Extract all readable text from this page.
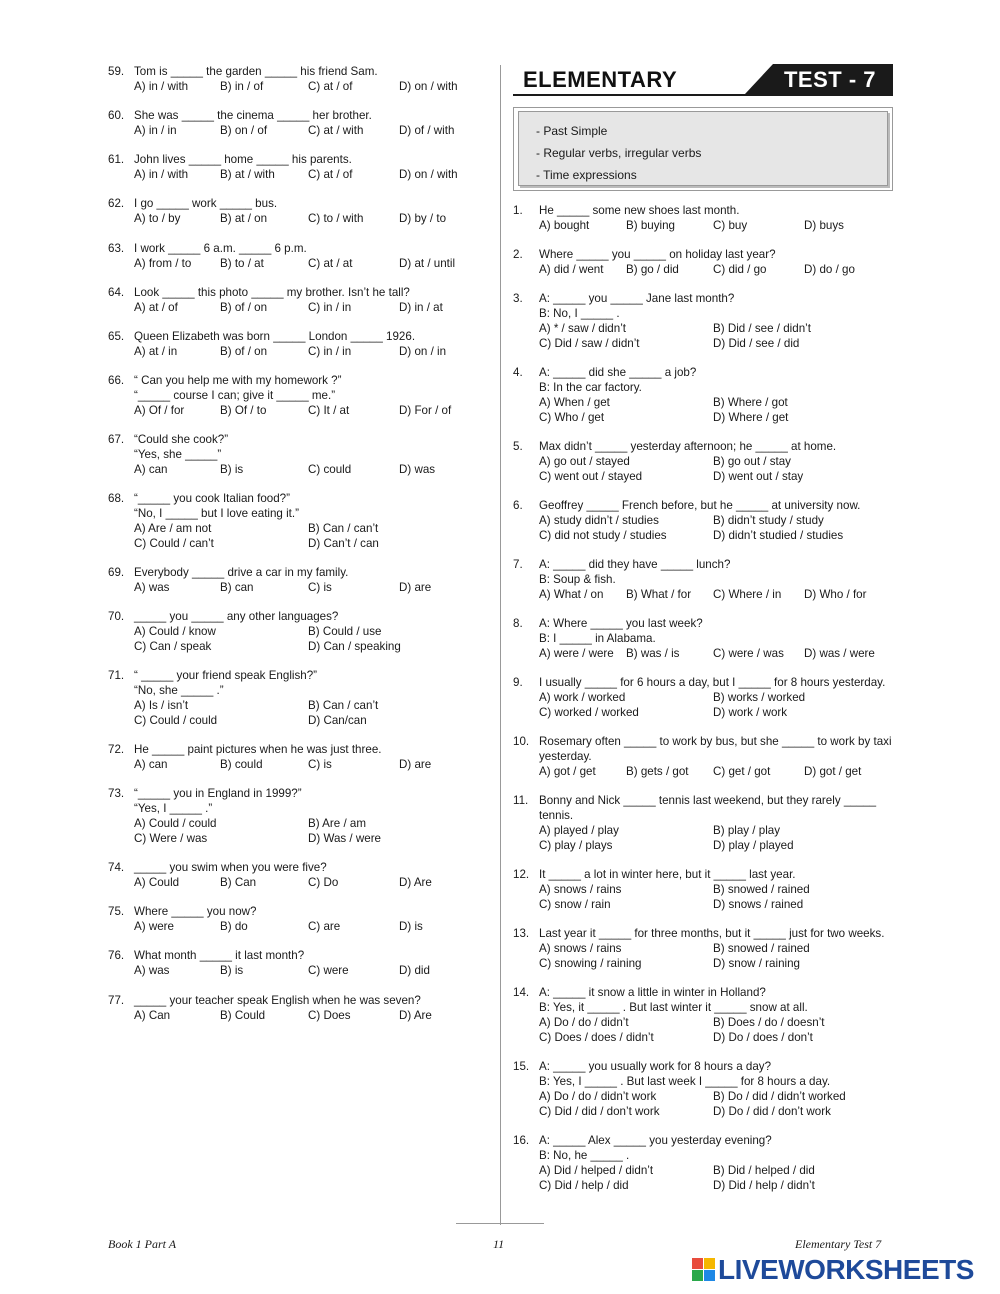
59. Tom is _____ the garden _____ his friend Sam.
A) in / with	B) in / of	C) at / of	D) on / with
60. She was _____ the cinema _____ her brother.
A) in / in	B) on / of	C) at / with	D) of / with
61. John lives _____ home _____ his parents.
A) in / with	B) at / with	C) at / of	D) on / with
62. I go _____ work _____ bus.
A) to / by	B) at / on	C) to / with	D) by / to
63. I work _____ 6 a.m. _____ 6 p.m.
A) from / to B) to / at	C) at / at	D) at / until
64. Look _____ this photo _____ my brother. Isn’t he tall?
A) at / of	B) of / on	C) in / in	D) in / at
65. Queen Elizabeth was born _____ London _____ 1926.
A) at / in	B) of / on	C) in / in	D) on / in
66. “ Can you help me with my homework ?”
“_____ course I can; give it _____ me.”
A) Of / for	B) Of / to	C) It / at	D) For / of
67. “Could she cook?”
“Yes, she _____”
A) can	B) is	C) could	D) was
68. “_____ you cook Italian food?”
“No, I _____ but I love eating it.”
A) Are / am not	B) Can / can’t
C) Could / can’t	D) Can’t / can
69. Everybody _____ drive a car in my family.
A) was	B) can	C) is	D) are
70. _____ you _____ any other languages?
A) Could / know	B) Could / use
C) Can / speak	D) Can / speaking
71. “ _____ your friend speak English?”
“No, she _____ .”
A) Is / isn’t	B) Can / can’t
C) Could / could	D) Can/can
72. He _____ paint pictures when he was just three.
A) can	B) could	C) is	D) are
73. “_____ you in England in 1999?”
“Yes, I _____ .”
A) Could / could	B) Are / am
C) Were / was	D) Was / were
74. _____ you swim when you were five?
A) Could	B) Can	C) Do	D) Are
75. Where _____ you now?
A) were	B) do	C) are	D) is
76. What month _____ it last month?
A) was	B) is	C) were	D) did
77. _____ your teacher speak English when he was seven?
A) Can	B) Could	C) Does	D) Are
ELEMENTARY	TEST - 7
- Past Simple
- Regular verbs, irregular verbs
- Time expressions
1. He _____ some new shoes last month.
A) bought	B) buying	C) buy	D) buys
2. Where _____ you _____ on holiday last year?
A) did / went B) go / did	C) did / go	D) do / go
3. A: _____ you _____ Jane last month?
B: No, I _____ .
A) * / saw / didn’t	B) Did / see / didn’t
C) Did / saw / didn’t	D) Did / see / did
4. A: _____ did she _____ a job?
B: In the car factory.
A) When / get	B) Where / got
C) Who / get	D) Where / get
5. Max didn’t _____ yesterday afternoon; he _____ at home.
A) go out / stayed	B) go out / stay
C) went out / stayed	D) went out / stay
6. Geoffrey _____ French before, but he _____ at university now.
A) study didn’t / studies	B) didn’t study / study
C) did not study / studies	D) didn’t studied / studies
7. A: _____ did they have _____ lunch?
B: Soup & fish.
A) What / on B) What / for C) Where / in D) Who / for
8. A: Where _____ you last week?
B: I _____ in Alabama.
A) were / were B) was / is	C) were / was D) was / were
9. I usually _____ for 6 hours a day, but I _____ for 8 hours yesterday.
A) work / worked	B) works / worked
C) worked / worked	D) work / work
10. Rosemary often _____ to work by bus, but she _____ to work by taxi yesterday.
A) got / get	B) gets / got C) get / got	D) got / get
11. Bonny and Nick _____ tennis last weekend, but they rarely _____ tennis.
A) played / play	B) play / play
C) play / plays	D) play / played
12. It _____ a lot in winter here, but it _____ last year.
A) snows / rains	B) snowed / rained
C) snow / rain	D) snows / rained
13. Last year it _____ for three months, but it _____ just for two weeks.
A) snows / rains	B) snowed / rained
C) snowing / raining	D) snow / raining
14. A: _____ it snow a little in winter in Holland?
B: Yes, it _____ . But last winter it _____ snow at all.
A) Do / do / didn’t	B) Does / do / doesn’t
C) Does / does / didn’t	D) Do / does / don’t
15. A: _____ you usually work for 8 hours a day?
B: Yes, I _____ . But last week I _____ for 8 hours a day.
A) Do / do / didn’t work	B) Do / did / didn’t worked
C) Did / did / don’t work	D) Do / did / don’t work
16. A: _____ Alex _____ you yesterday evening?
B: No, he _____ .
A) Did / helped / didn’t	B) Did / helped / did
C) Did / help / did	D) Did / help / didn’t
Book 1 Part A	11	Elementary Test 7
LIVEWORKSHEETS
